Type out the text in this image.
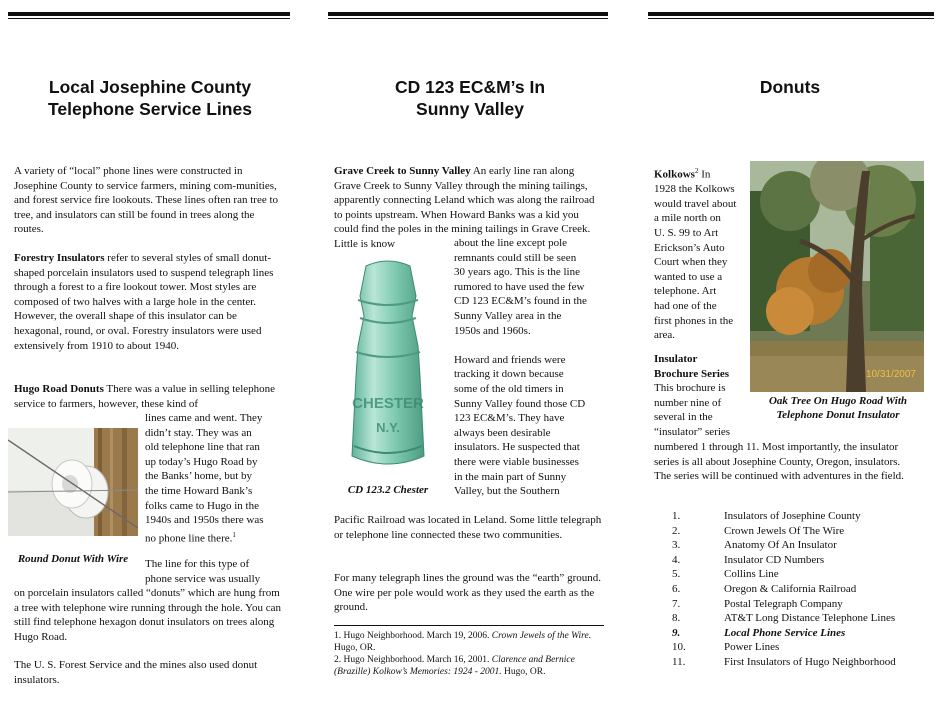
Local Josephine County
Telephone Service Lines
A variety of “local” phone lines were constructed in Josephine County to service farmers, mining com-munities, and forest service fire lookouts. These lines often ran tree to tree, and insulators can still be found in trees along the routes.
Forestry Insulators refer to several styles of small donut-shaped porcelain insulators used to suspend telegraph lines through a forest to a fire lookout tower. Most styles are composed of two halves with a large hole in the center. However, the overall shape of this insulator can be hexagonal, round, or oval. Forestry insulators were used extensively from 1910 to about 1940.
Hugo Road Donuts There was a value in selling telephone service to farmers, however, these kind of
lines came and went. They
didn’t stay. They was an
old telephone line that ran
up today’s Hugo Road by
the Banks’ home, but by
the time Howard Bank’s
folks came to Hugo in the
1940s and 1950s there was
no phone line there.$^1$
Round Donut With Wire	The line for this type of
phone service was usually
on porcelain insulators called “donuts” which are hung from a tree with telephone wire running through the hole. You can still find telephone hexagon donut insulators on trees along Hugo Road.
The U. S. Forest Service and the mines also used donut insulators.
CD 123 EC&M’s In
Sunny Valley
Grave Creek to Sunny Valley An early line ran along Grave Creek to Sunny Valley through the mining tailings, apparently connecting Leland which was along the railroad to points upstream. When Howard Banks was a kid you could find the poles in the mining tailings in Grave Creek. Little is know
CHESTER
N.Y.
about the line except pole
remnants could still be seen
30 years ago. This is the line
rumored to have used the few
CD 123 EC&M’s found in the
Sunny Valley area in the
1950s and 1960s.

Howard and friends were
tracking it down because
some of the old timers in
Sunny Valley found those CD
123 EC&M’s. They have
always been desirable
insulators. He suspected that
there were viable businesses
in the main part of Sunny
Valley, but the Southern
CD 123.2 Chester
Pacific Railroad was located in Leland. Some little telegraph or telephone line connected these two communities.
For many telegraph lines the ground was the “earth” ground. One wire per pole would work as they used the earth as the ground.
1. Hugo Neighborhood. March 19, 2006. Crown Jewels of the Wire. Hugo, OR.
2. Hugo Neighborhood. March 16, 2001. Clarence and Bernice (Brazille) Kolkow’s Memories: 1924 - 2001. Hugo, OR.
Donuts
Kolkows$^2$ In
1928 the Kolkows
would travel about
a mile north on
U. S. 99 to Art
Erickson’s Auto
Court when they
wanted to use a
telephone. Art
had one of the
first phones in the
area.
10/31/2007
Oak Tree On Hugo Road With
Telephone Donut Insulator
Insulator
Brochure Series
This brochure is
number nine of
several in the
“insulator” series
numbered 1 through 11. Most importantly, the insulator series is all about Josephine County, Oregon, insulators. The series will be continued with adventures in the field.
1.	Insulators of Josephine County
2.	Crown Jewels Of The Wire
3.	Anatomy Of An Insulator
4.	Insulator CD Numbers
5.	Collins Line
6.	Oregon & California Railroad
7.	Postal Telegraph Company
8.	AT&T Long Distance Telephone Lines
9.	Local Phone Service Lines
10.	Power Lines
11.	First Insulators of Hugo Neighborhood
